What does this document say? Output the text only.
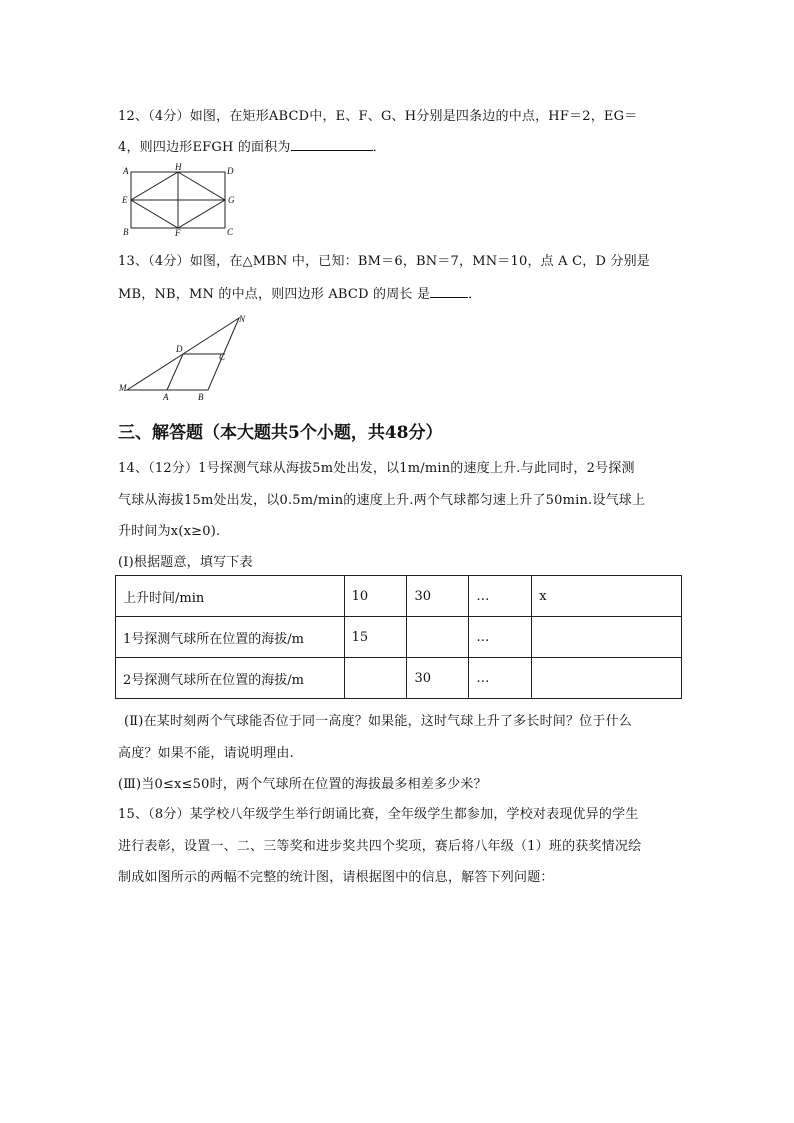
12、（4分）如图，在矩形ABCD中，E、F、G、H分别是四条边的中点，HF＝2，EG＝
4，则四边形EFGH 的面积为	．
A	H	D
E	G
B	F	C
13、（4分）如图，在△MBN 中，已知：BM＝6，BN＝7，MN＝10，点 A C，D 分别是
MB，NB，MN 的中点，则四边形 ABCD 的周长 是	．
N
D
C
M
A	B
三、解答题（本大题共5个小题，共48分）
14、（12分）1号探测气球从海拔5m处出发，以1m/min的速度上升.与此同时，2号探测
气球从海拔15m处出发，以0.5m/min的速度上升.两个气球都匀速上升了50min.设气球上
升时间为x(x≥0).
(Ⅰ)根据题意，填写下表
上升时间/min	10	30	…	x
1号探测气球所在位置的海拔/m	15		…	
2号探测气球所在位置的海拔/m		30	…	
(Ⅱ)在某时刻两个气球能否位于同一高度？如果能，这时气球上升了多长时间？位于什么
高度？如果不能，请说明理由.
(Ⅲ)当0≤x≤50时，两个气球所在位置的海拔最多相差多少米？
15、（8分）某学校八年级学生举行朗诵比赛，全年级学生都参加，学校对表现优异的学生
进行表彰，设置一、二、三等奖和进步奖共四个奖项，赛后将八年级（1）班的获奖情况绘
制成如图所示的两幅不完整的统计图，请根据图中的信息，解答下列问题：
